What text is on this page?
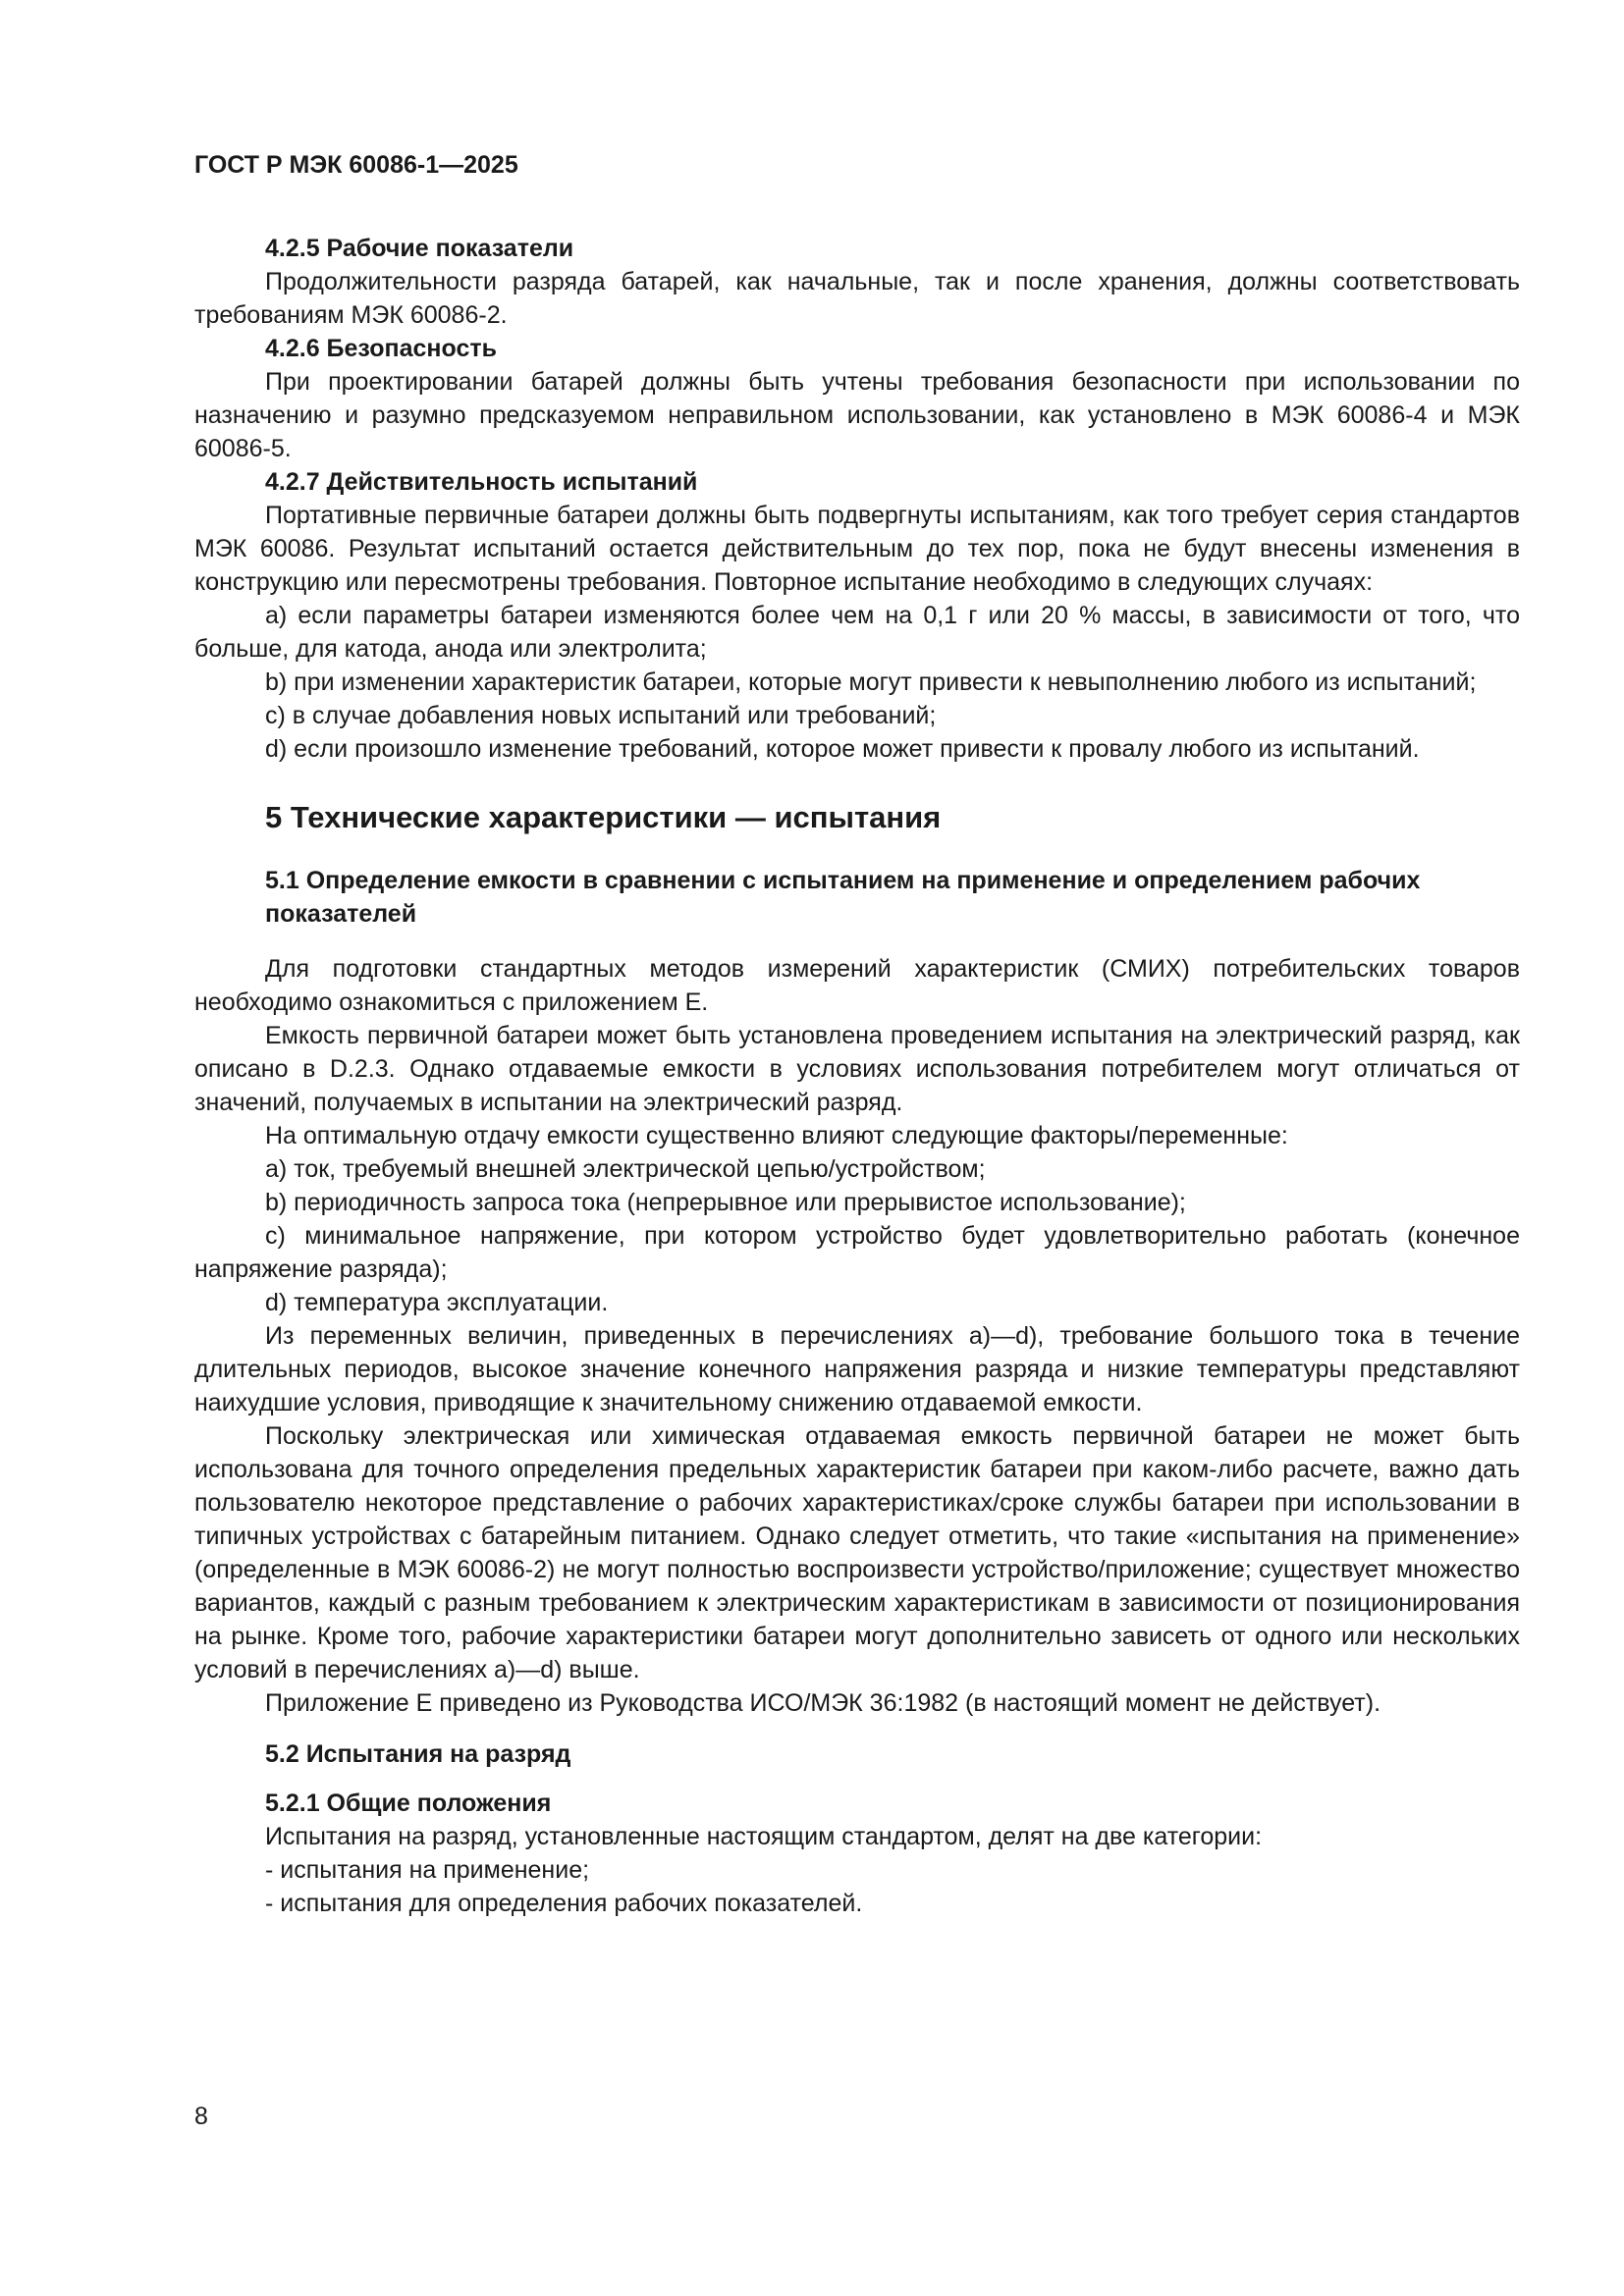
ГОСТ Р МЭК 60086-1—2025
4.2.5 Рабочие показатели
Продолжительности разряда батарей, как начальные, так и после хранения, должны соответствовать требованиям МЭК 60086-2.
4.2.6 Безопасность
При проектировании батарей должны быть учтены требования безопасности при использовании по назначению и разумно предсказуемом неправильном использовании, как установлено в МЭК 60086-4 и МЭК 60086-5.
4.2.7 Действительность испытаний
Портативные первичные батареи должны быть подвергнуты испытаниям, как того требует серия стандартов МЭК 60086. Результат испытаний остается действительным до тех пор, пока не будут внесены изменения в конструкцию или пересмотрены требования. Повторное испытание необходимо в следующих случаях:
a) если параметры батареи изменяются более чем на 0,1 г или 20 % массы, в зависимости от того, что больше, для катода, анода или электролита;
b) при изменении характеристик батареи, которые могут привести к невыполнению любого из испытаний;
c) в случае добавления новых испытаний или требований;
d) если произошло изменение требований, которое может привести к провалу любого из испытаний.
5 Технические характеристики — испытания
5.1 Определение емкости в сравнении с испытанием на применение и определением рабочих показателей
Для подготовки стандартных методов измерений характеристик (СМИХ) потребительских товаров необходимо ознакомиться с приложением E.
Емкость первичной батареи может быть установлена проведением испытания на электрический разряд, как описано в D.2.3. Однако отдаваемые емкости в условиях использования потребителем могут отличаться от значений, получаемых в испытании на электрический разряд.
На оптимальную отдачу емкости существенно влияют следующие факторы/переменные:
a) ток, требуемый внешней электрической цепью/устройством;
b) периодичность запроса тока (непрерывное или прерывистое использование);
c) минимальное напряжение, при котором устройство будет удовлетворительно работать (конечное напряжение разряда);
d) температура эксплуатации.
Из переменных величин, приведенных в перечислениях a)—d), требование большого тока в течение длительных периодов, высокое значение конечного напряжения разряда и низкие температуры представляют наихудшие условия, приводящие к значительному снижению отдаваемой емкости.
Поскольку электрическая или химическая отдаваемая емкость первичной батареи не может быть использована для точного определения предельных характеристик батареи при каком-либо расчете, важно дать пользователю некоторое представление о рабочих характеристиках/сроке службы батареи при использовании в типичных устройствах с батарейным питанием. Однако следует отметить, что такие «испытания на применение» (определенные в МЭК 60086-2) не могут полностью воспроизвести устройство/приложение; существует множество вариантов, каждый с разным требованием к электрическим характеристикам в зависимости от позиционирования на рынке. Кроме того, рабочие характеристики батареи могут дополнительно зависеть от одного или нескольких условий в перечислениях a)—d) выше.
Приложение E приведено из Руководства ИСО/МЭК 36:1982 (в настоящий момент не действует).
5.2 Испытания на разряд
5.2.1 Общие положения
Испытания на разряд, установленные настоящим стандартом, делят на две категории:
- испытания на применение;
- испытания для определения рабочих показателей.
8
